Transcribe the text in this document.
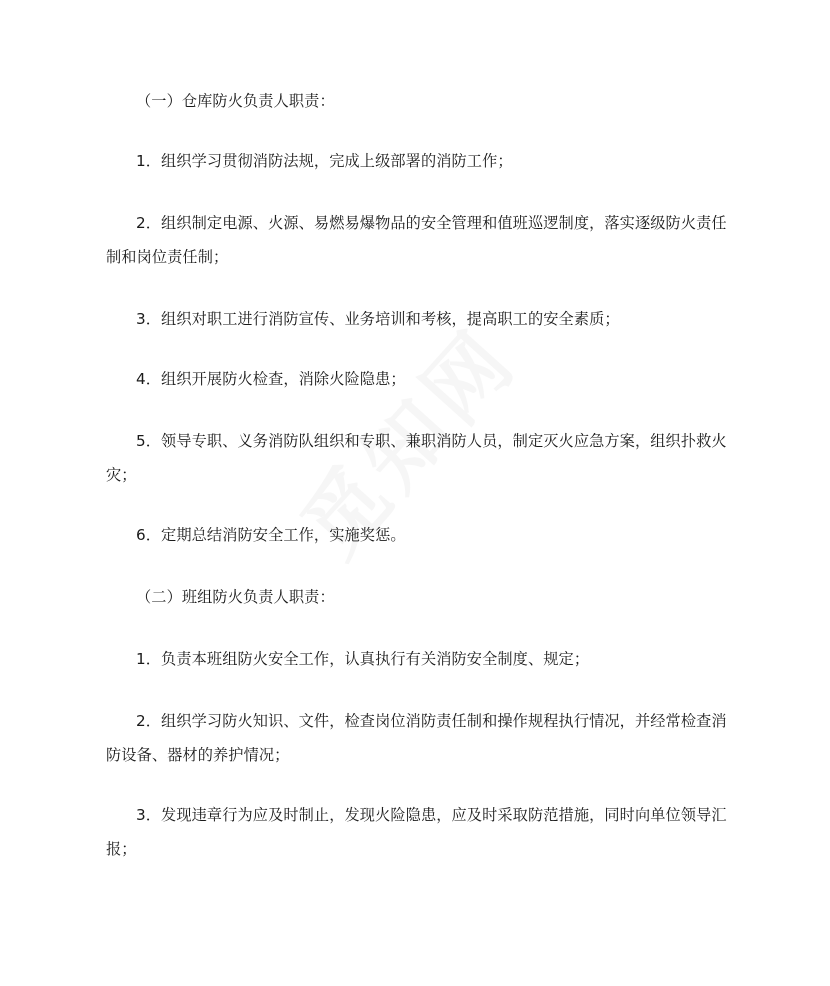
（一）仓库防火负责人职责：

1．组织学习贯彻消防法规，完成上级部署的消防工作；

2．组织制定电源、火源、易燃易爆物品的安全管理和值班巡逻制度，落实逐级防火责任制和岗位责任制；

3．组织对职工进行消防宣传、业务培训和考核，提高职工的安全素质；

4．组织开展防火检查，消除火险隐患；

5．领导专职、义务消防队组织和专职、兼职消防人员，制定灭火应急方案，组织扑救火灾；

6．定期总结消防安全工作，实施奖惩。

（二）班组防火负责人职责：

1．负责本班组防火安全工作，认真执行有关消防安全制度、规定；

2．组织学习防火知识、文件，检查岗位消防责任制和操作规程执行情况，并经常检查消防设备、器材的养护情况；

3．发现违章行为应及时制止，发现火险隐患，应及时采取防范措施，同时向单位领导汇报；
